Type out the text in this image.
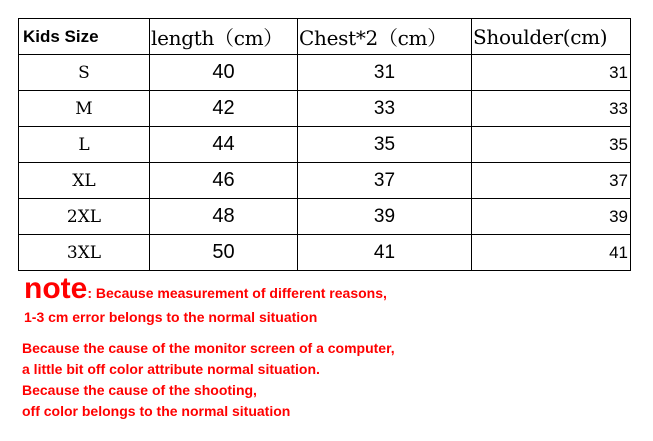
Kids Size	length（cm）	Chest*2（cm）	Shoulder(cm)
S	40	31	31
M	42	33	33
L	44	35	35
XL	46	37	37
2XL	48	39	39
3XL	50	41	41
note: Because measurement of different reasons,
1-3 cm error belongs to the normal situation
Because the cause of the monitor screen of a computer,
a little bit off color attribute normal situation.
Because the cause of the shooting,
off color belongs to the normal situation
